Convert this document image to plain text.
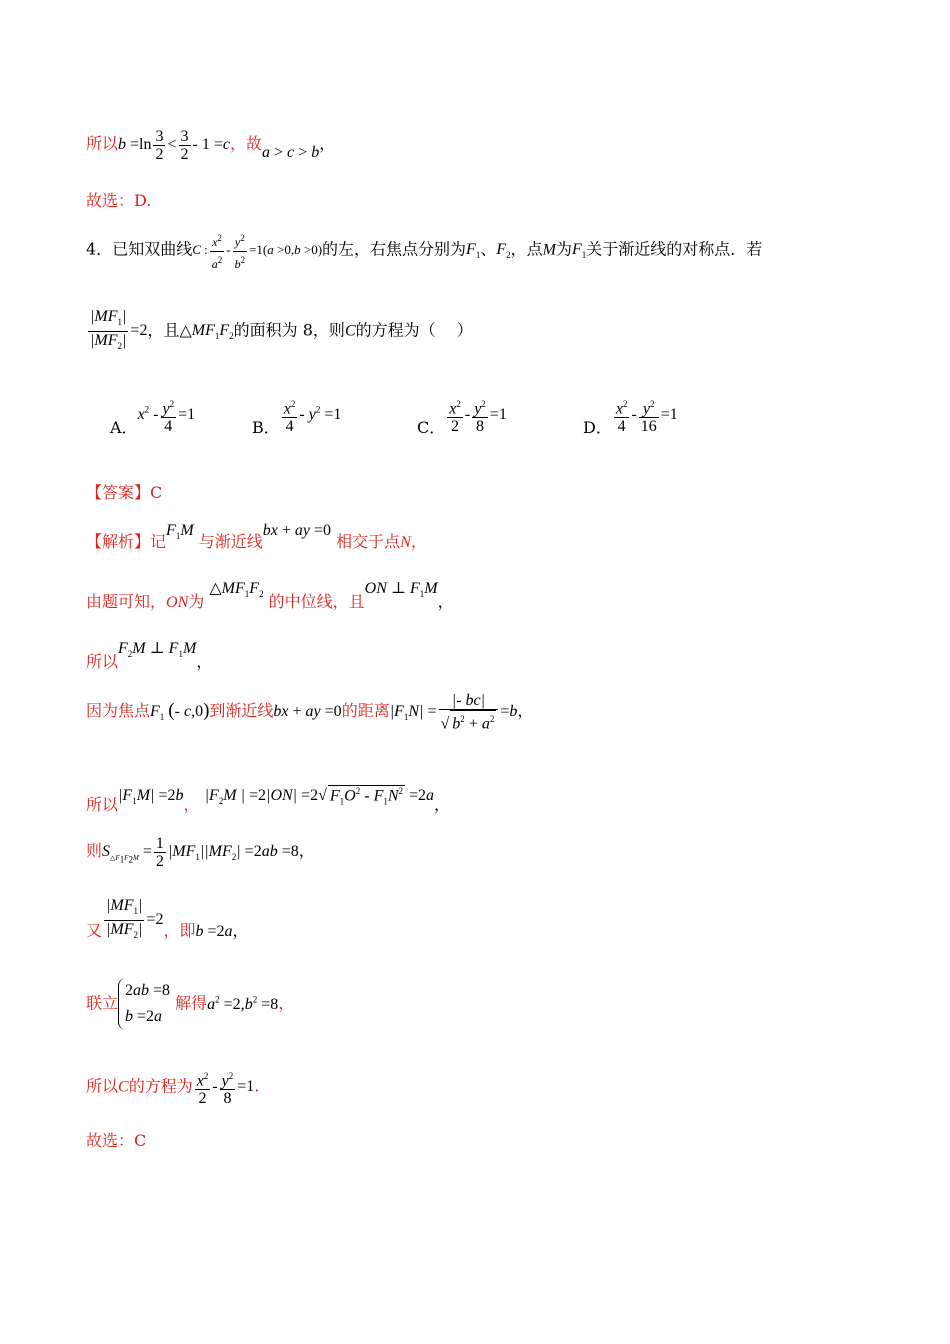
所以$b =\ln \frac{3}{2} < \frac{3}{2} - 1 =c$，故a > c > b，
故选：D.
4．已知双曲线C : $\frac{x^2}{a^2} - \frac{y^2}{b^2} =1(a >0,b >0)$的左，右焦点分别为$F_1$、$F_2$，点M为$F_1$关于渐近线的对称点．若
$\frac{|MF_1|}{|MF_2|} =2$，且$\triangle MF_1F_2$的面积为 8，则C的方程为（　 ）
A．$x^2 - \frac{y^2}{4} =1$
B． $\frac{x^2}{4} - y^2 =1$
C． $\frac{x^2}{2} - \frac{y^2}{8} =1$
D． $\frac{x^2}{4} - \frac{y^2}{16} =1$
【答案】C
【解析】记$F_1M$ 与渐近线bx + ay =0 相交于点N，
由题可知，ON为 $\triangle MF_1F_2$ 的中位线，且ON ⊥ $F_1M$，
所以$F_2M$ ⊥ $F_1M$，
因为焦点$F_1$ (- c,0)到渐近线bx + ay =0的距离$|F_1N| = \frac{|- bc|}{√ b^2 + a^2} =b$，
所以$|F_1M| =2b$， $|F_2M$ | =2|ON| =2√ $F_1O^2 - F_1N^2 =2a$，
则$S_{\triangle F_1F_2M} = \frac{1}{2} |MF_1||MF_2| =2ab =8$，
又 $\frac{|MF_1|}{|MF_2|} =2$，即b =2a，
联立
2ab =8
b =2a
解得$a^2 =2,b^2 =8$，
所以C的方程为 $\frac{x^2}{2} - \frac{y^2}{8} =1$.
故选：C
